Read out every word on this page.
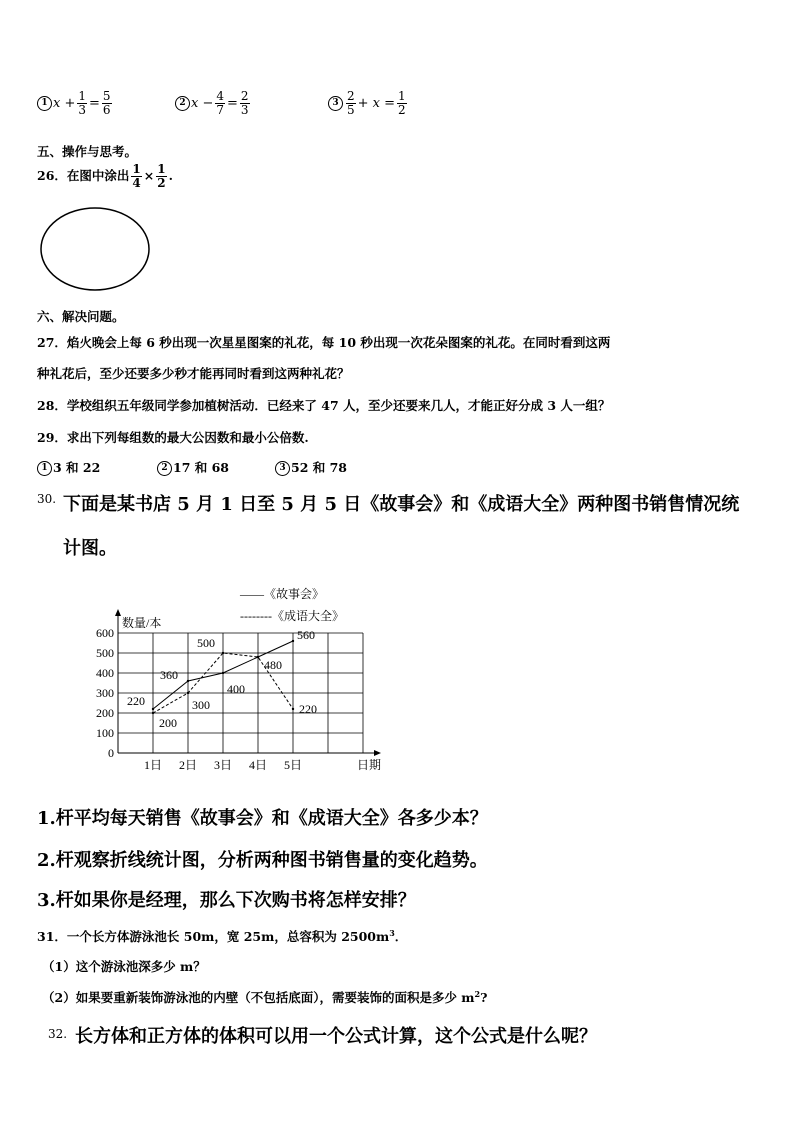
1 $x + \frac{1}{3} = \frac{5}{6}$	2 $x - \frac{4}{7} = \frac{2}{3}$	$3 \frac{2}{5} + x = \frac{1}{2}$
五、操作与思考。
26．在图中涂出 $\frac{1}{4} \times \frac{1}{2}$ .
六、解决问题。
27．焰火晚会上每 6 秒出现一次星星图案的礼花，每 10 秒出现一次花朵图案的礼花。在同时看到这两
种礼花后，至少还要多少秒才能再同时看到这两种礼花？
28．学校组织五年级同学参加植树活动．已经来了 47 人，至少还要来几人，才能正好分成 3 人一组？
29．求出下列每组数的最大公因数和最小公倍数.
1 3 和 22	2 17 和 68	3 52 和 78
30. 下面是某书店 5 月 1 日至 5 月 5 日《故事会》和《成语大全》两种图书销售情况统
计图。
0
100
200
300
400
500
600
1日 2日 3日 4日 5日	日期
数量/本
220
360
400
560
200
300
500
480
220
——《故事会》
--------《成语大全》
1.杆平均每天销售《故事会》和《成语大全》各多少本？
2.杆观察折线统计图，分析两种图书销售量的变化趋势。
3.杆如果你是经理，那么下次购书将怎样安排？
31．一个长方体游泳池长 50m，宽 25m，总容积为 $2500m^3$．
（1）这个游泳池深多少 m？
（2）如果要重新装饰游泳池的内壁（不包括底面），需要装饰的面积是多少 $m^2$?
32. 长方体和正方体的体积可以用一个公式计算，这个公式是什么呢？
